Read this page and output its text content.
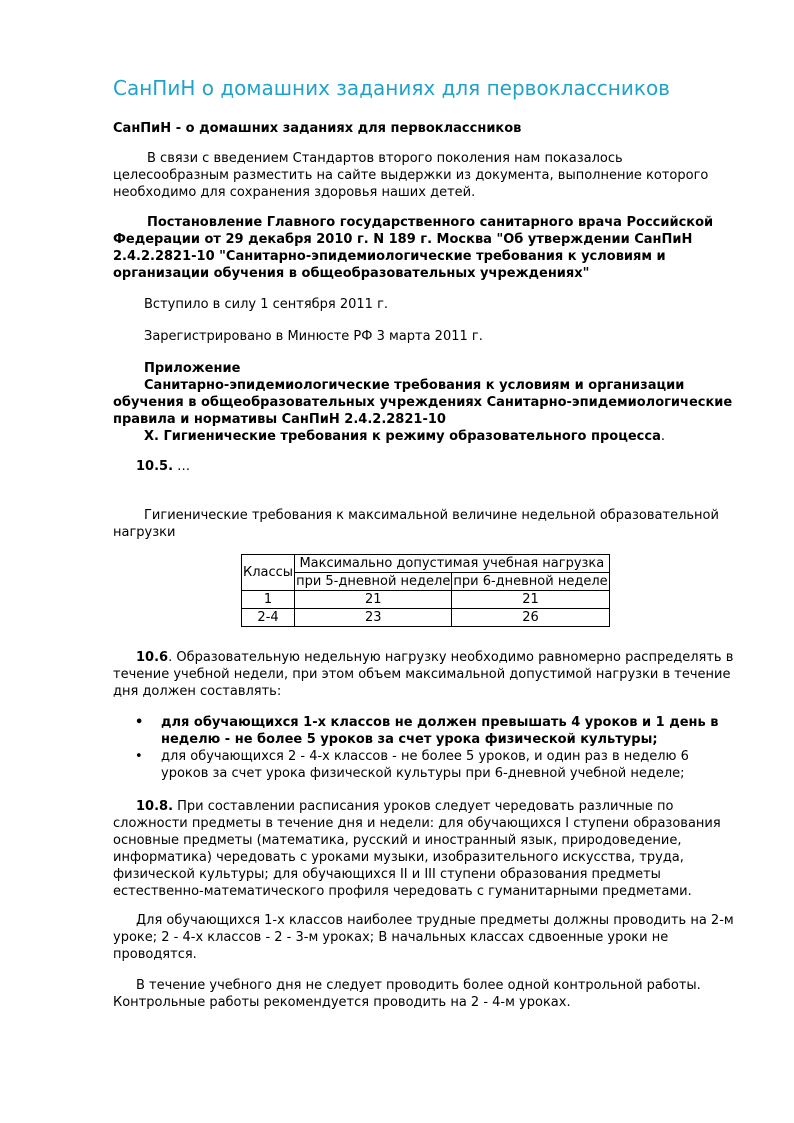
СанПиН о домашних заданиях для первоклассников

СанПиН - о домашних заданиях для первоклассников

В связи с введением Стандартов второго поколения нам показалось целесообразным разместить на сайте выдержки из документа, выполнение которого необходимо для сохранения здоровья наших детей.

Постановление Главного государственного санитарного врача Российской Федерации от 29 декабря 2010 г. N 189 г. Москва "Об утверждении СанПиН 2.4.2.2821-10 "Санитарно-эпидемиологические требования к условиям и организации обучения в общеобразовательных учреждениях"

Вступило в силу 1 сентября 2011 г.

Зарегистрировано в Минюсте РФ 3 марта 2011 г.

Приложение
Санитарно-эпидемиологические требования к условиям и организации обучения в общеобразовательных учреждениях Санитарно-эпидемиологические правила и нормативы СанПиН 2.4.2.2821-10
X. Гигиенические требования к режиму образовательного процесса.

10.5. …

Гигиенические требования к максимальной величине недельной образовательной нагрузки

Классы	Максимально допустимая учебная нагрузка	
	при 5-дневной неделе	при 6-дневной неделе
1	21	21
2-4	23	26

10.6. Образовательную недельную нагрузку необходимо равномерно распределять в течение учебной недели, при этом объем максимальной допустимой нагрузки в течение дня должен составлять:

• для обучающихся 1-х классов не должен превышать 4 уроков и 1 день в неделю - не более 5 уроков за счет урока физической культуры;
• для обучающихся 2 - 4-х классов - не более 5 уроков, и один раз в неделю 6 уроков за счет урока физической культуры при 6-дневной учебной неделе;

10.8. При составлении расписания уроков следует чередовать различные по сложности предметы в течение дня и недели: для обучающихся I ступени образования основные предметы (математика, русский и иностранный язык, природоведение, информатика) чередовать с уроками музыки, изобразительного искусства, труда, физической культуры; для обучающихся II и III ступени образования предметы естественно-математического профиля чередовать с гуманитарными предметами.

Для обучающихся 1-х классов наиболее трудные предметы должны проводить на 2-м уроке; 2 - 4-х классов - 2 - 3-м уроках; В начальных классах сдвоенные уроки не проводятся.

В течение учебного дня не следует проводить более одной контрольной работы. Контрольные работы рекомендуется проводить на 2 - 4-м уроках.
